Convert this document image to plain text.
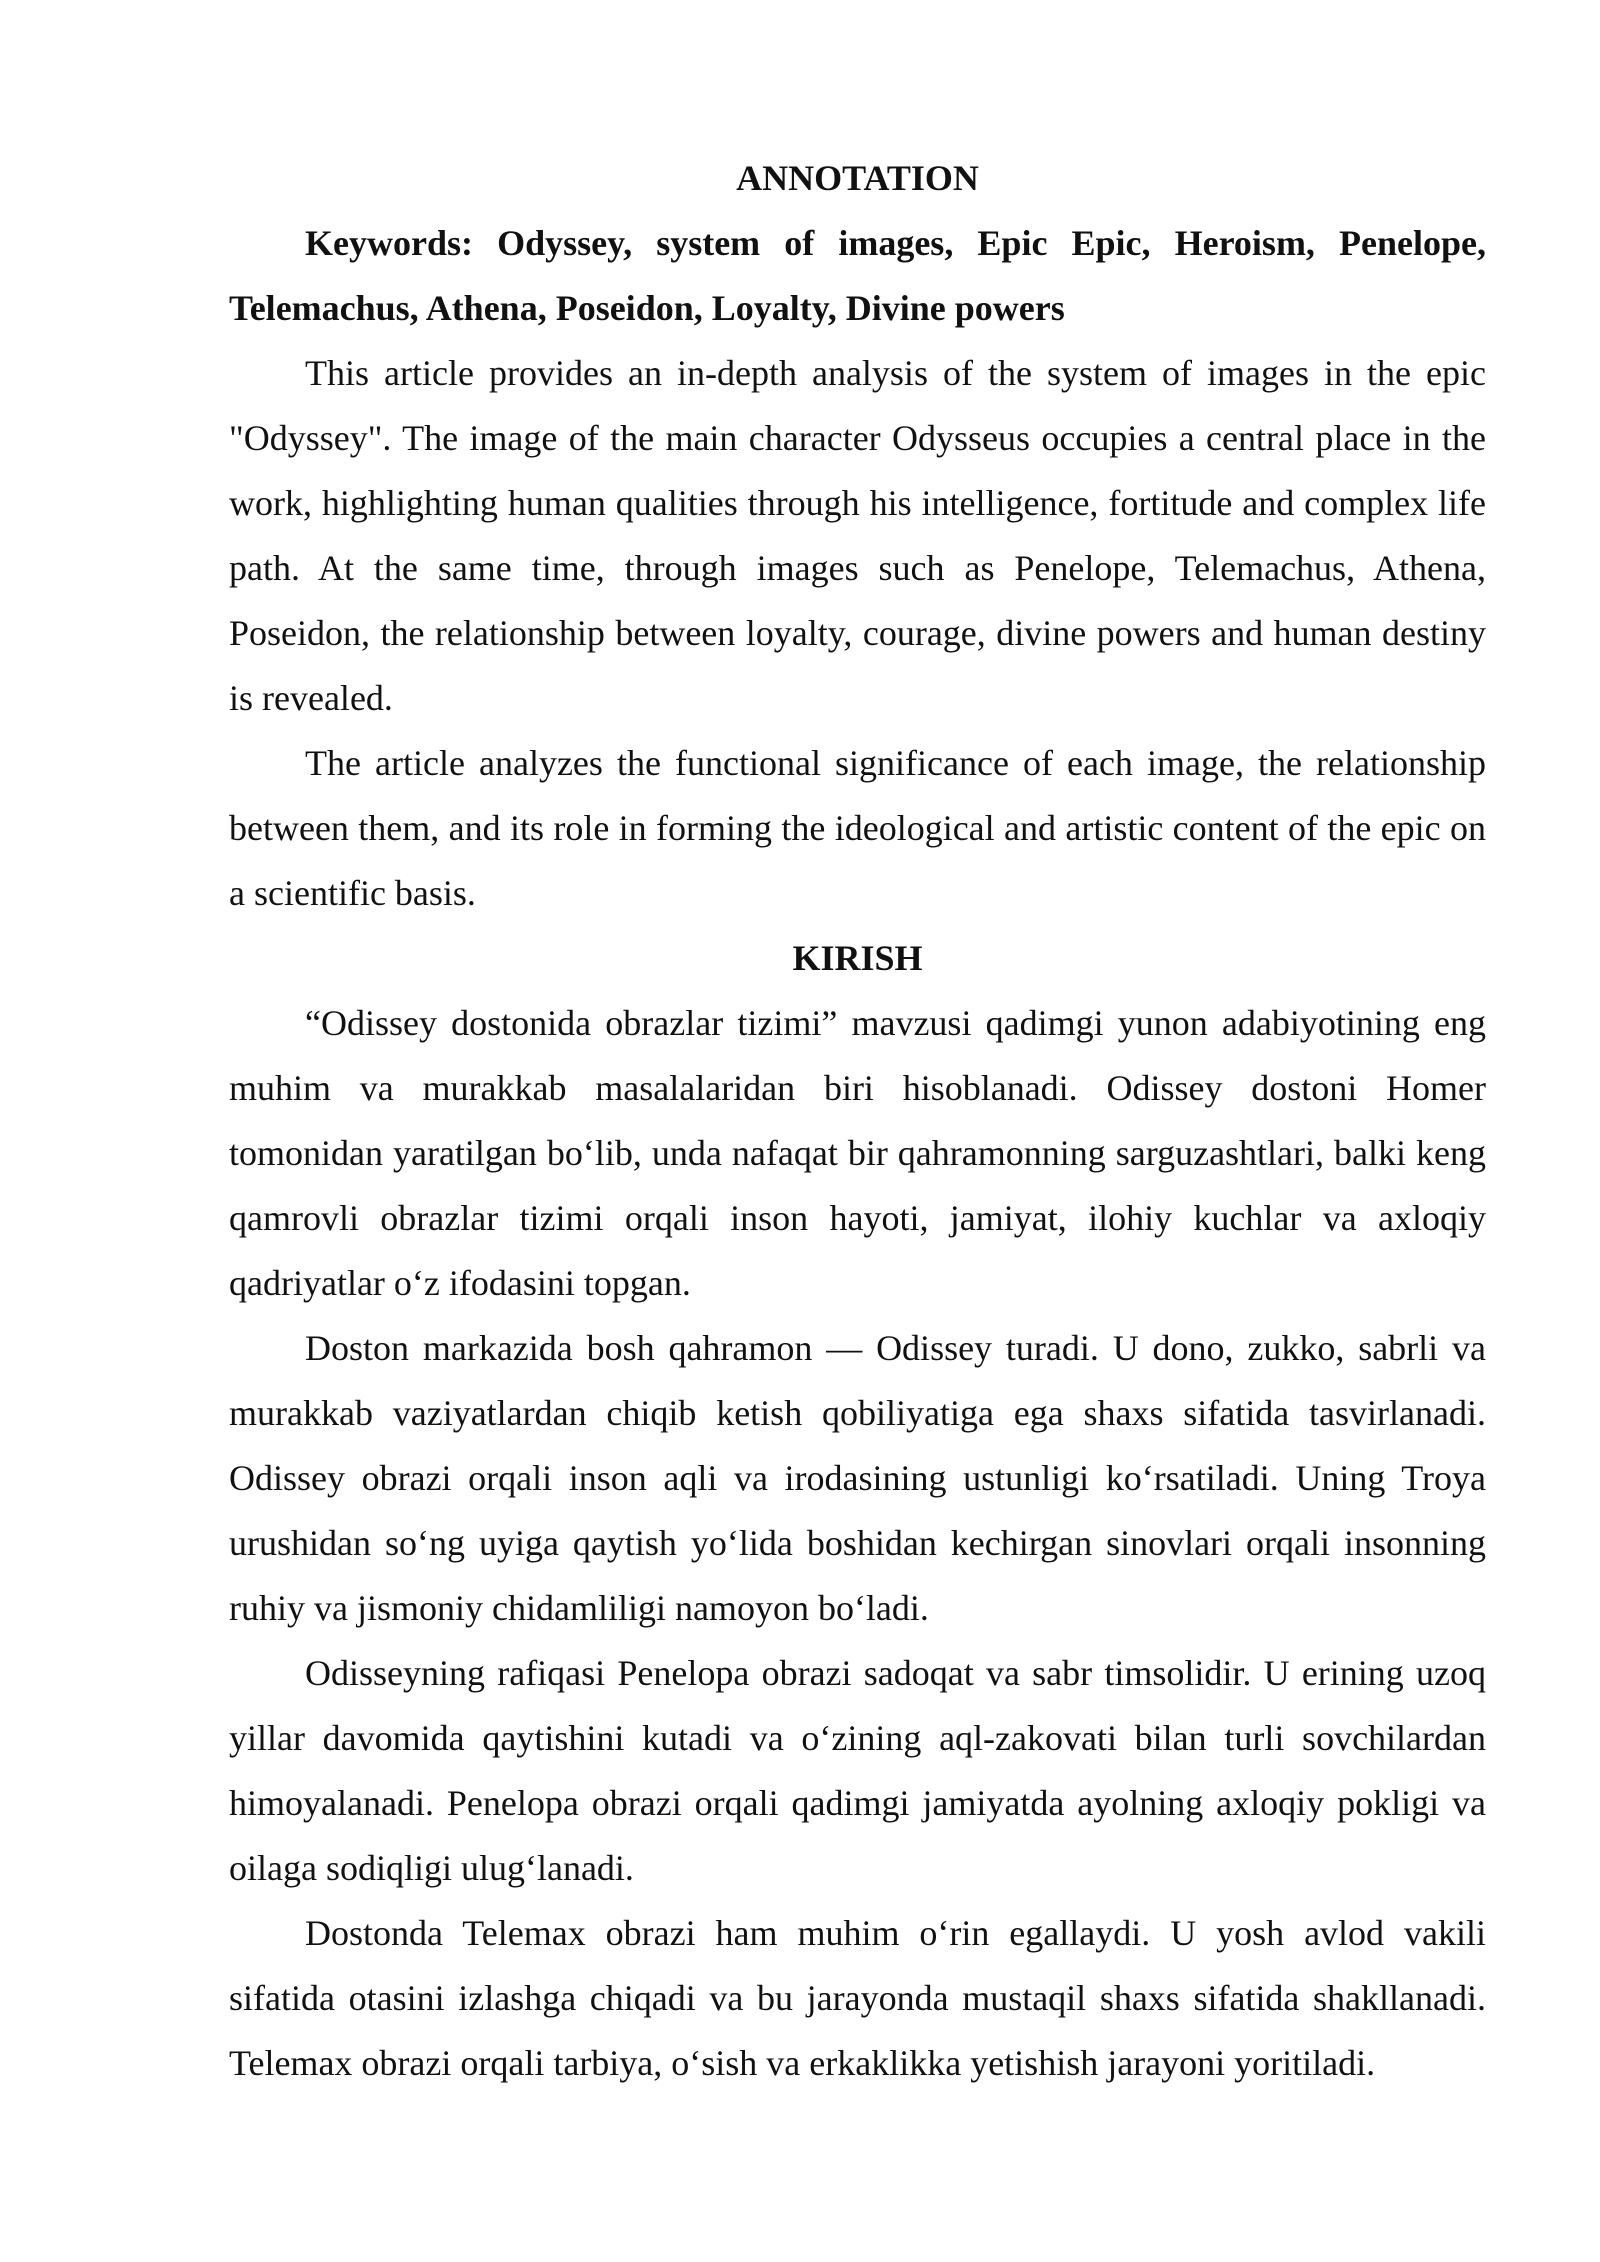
ANNOTATION

Keywords: Odyssey, system of images, Epic Epic, Heroism, Penelope, Telemachus, Athena, Poseidon, Loyalty, Divine powers

This article provides an in-depth analysis of the system of images in the epic "Odyssey". The image of the main character Odysseus occupies a central place in the work, highlighting human qualities through his intelligence, fortitude and complex life path. At the same time, through images such as Penelope, Telemachus, Athena, Poseidon, the relationship between loyalty, courage, divine powers and human destiny is revealed.

The article analyzes the functional significance of each image, the relationship between them, and its role in forming the ideological and artistic content of the epic on a scientific basis.

KIRISH

“Odissey dostonida obrazlar tizimi” mavzusi qadimgi yunon adabiyotining eng muhim va murakkab masalalaridan biri hisoblanadi. Odissey dostoni Homer tomonidan yaratilgan boʻlib, unda nafaqat bir qahramonning sarguzashtlari, balki keng qamrovli obrazlar tizimi orqali inson hayoti, jamiyat, ilohiy kuchlar va axloqiy qadriyatlar oʻz ifodasini topgan.

Doston markazida bosh qahramon — Odissey turadi. U dono, zukko, sabrli va murakkab vaziyatlardan chiqib ketish qobiliyatiga ega shaxs sifatida tasvirlanadi. Odissey obrazi orqali inson aqli va irodasining ustunligi koʻrsatiladi. Uning Troya urushidan soʻng uyiga qaytish yoʻlida boshidan kechirgan sinovlari orqali insonning ruhiy va jismoniy chidamliligi namoyon boʻladi.

Odisseyning rafiqasi Penelopa obrazi sadoqat va sabr timsolidir. U erining uzoq yillar davomida qaytishini kutadi va oʻzining aql-zakovati bilan turli sovchilardan himoyalanadi. Penelopa obrazi orqali qadimgi jamiyatda ayolning axloqiy pokligi va oilaga sodiqligi ulugʻlanadi.

Dostonda Telemax obrazi ham muhim oʻrin egallaydi. U yosh avlod vakili sifatida otasini izlashga chiqadi va bu jarayonda mustaqil shaxs sifatida shakllanadi. Telemax obrazi orqali tarbiya, oʻsish va erkaklikka yetishish jarayoni yoritiladi.
